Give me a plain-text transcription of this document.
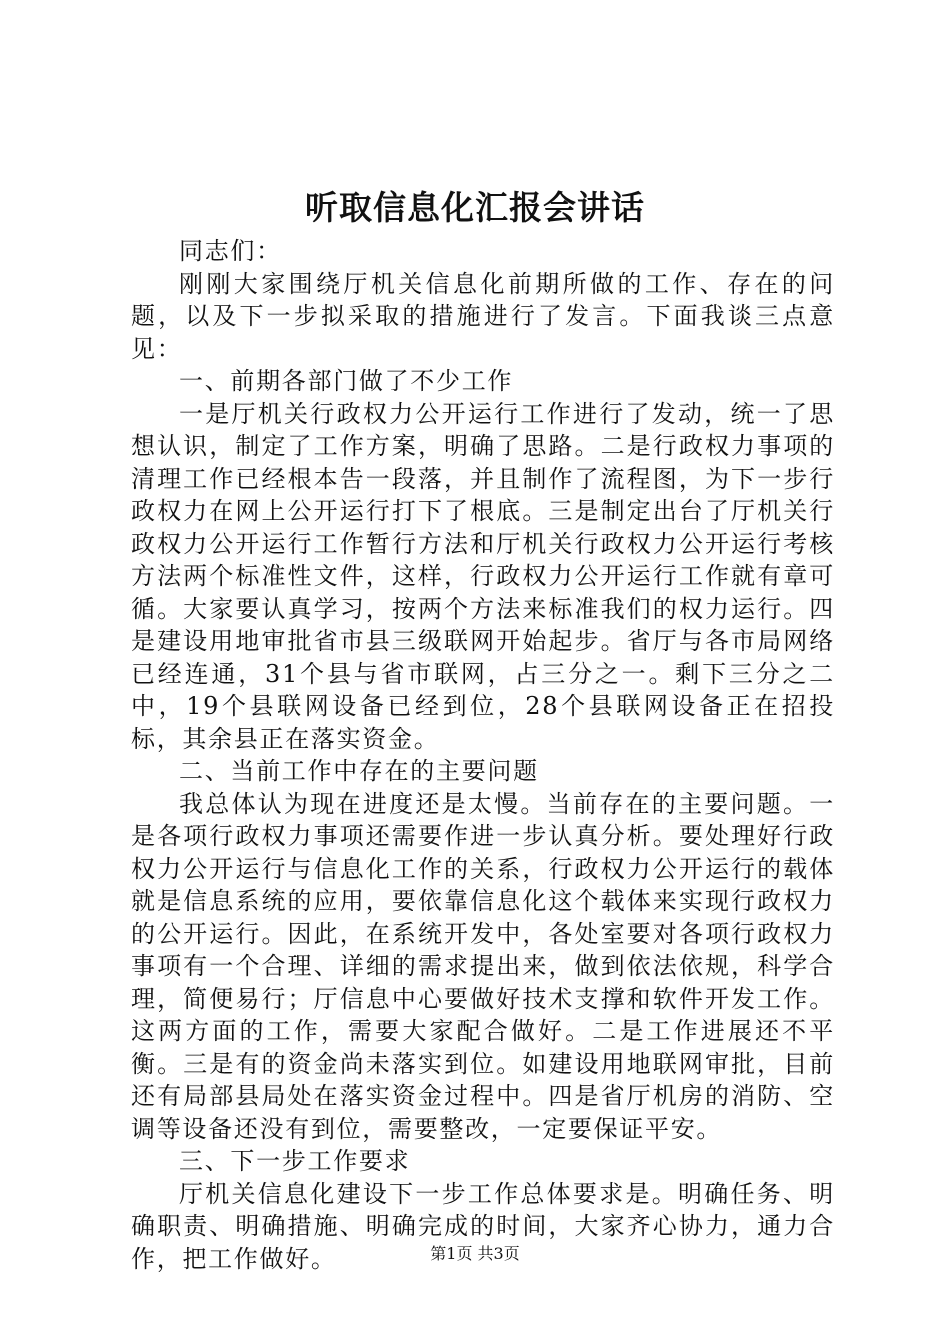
听取信息化汇报会讲话

同志们：

刚刚大家围绕厅机关信息化前期所做的工作、存在的问题，以及下一步拟采取的措施进行了发言。下面我谈三点意见：

一、前期各部门做了不少工作

一是厅机关行政权力公开运行工作进行了发动，统一了思想认识，制定了工作方案，明确了思路。二是行政权力事项的清理工作已经根本告一段落，并且制作了流程图，为下一步行政权力在网上公开运行打下了根底。三是制定出台了厅机关行政权力公开运行工作暂行方法和厅机关行政权力公开运行考核方法两个标准性文件，这样，行政权力公开运行工作就有章可循。大家要认真学习，按两个方法来标准我们的权力运行。四是建设用地审批省市县三级联网开始起步。省厅与各市局网络已经连通，31个县与省市联网，占三分之一。剩下三分之二中，19个县联网设备已经到位，28个县联网设备正在招投标，其余县正在落实资金。

二、当前工作中存在的主要问题

我总体认为现在进度还是太慢。当前存在的主要问题。一是各项行政权力事项还需要作进一步认真分析。要处理好行政权力公开运行与信息化工作的关系，行政权力公开运行的载体就是信息系统的应用，要依靠信息化这个载体来实现行政权力的公开运行。因此，在系统开发中，各处室要对各项行政权力事项有一个合理、详细的需求提出来，做到依法依规，科学合理，简便易行；厅信息中心要做好技术支撑和软件开发工作。这两方面的工作，需要大家配合做好。二是工作进展还不平衡。三是有的资金尚未落实到位。如建设用地联网审批，目前还有局部县局处在落实资金过程中。四是省厅机房的消防、空调等设备还没有到位，需要整改，一定要保证平安。

三、下一步工作要求

厅机关信息化建设下一步工作总体要求是。明确任务、明确职责、明确措施、明确完成的时间，大家齐心协力，通力合作，把工作做好。	第1页 共3页
